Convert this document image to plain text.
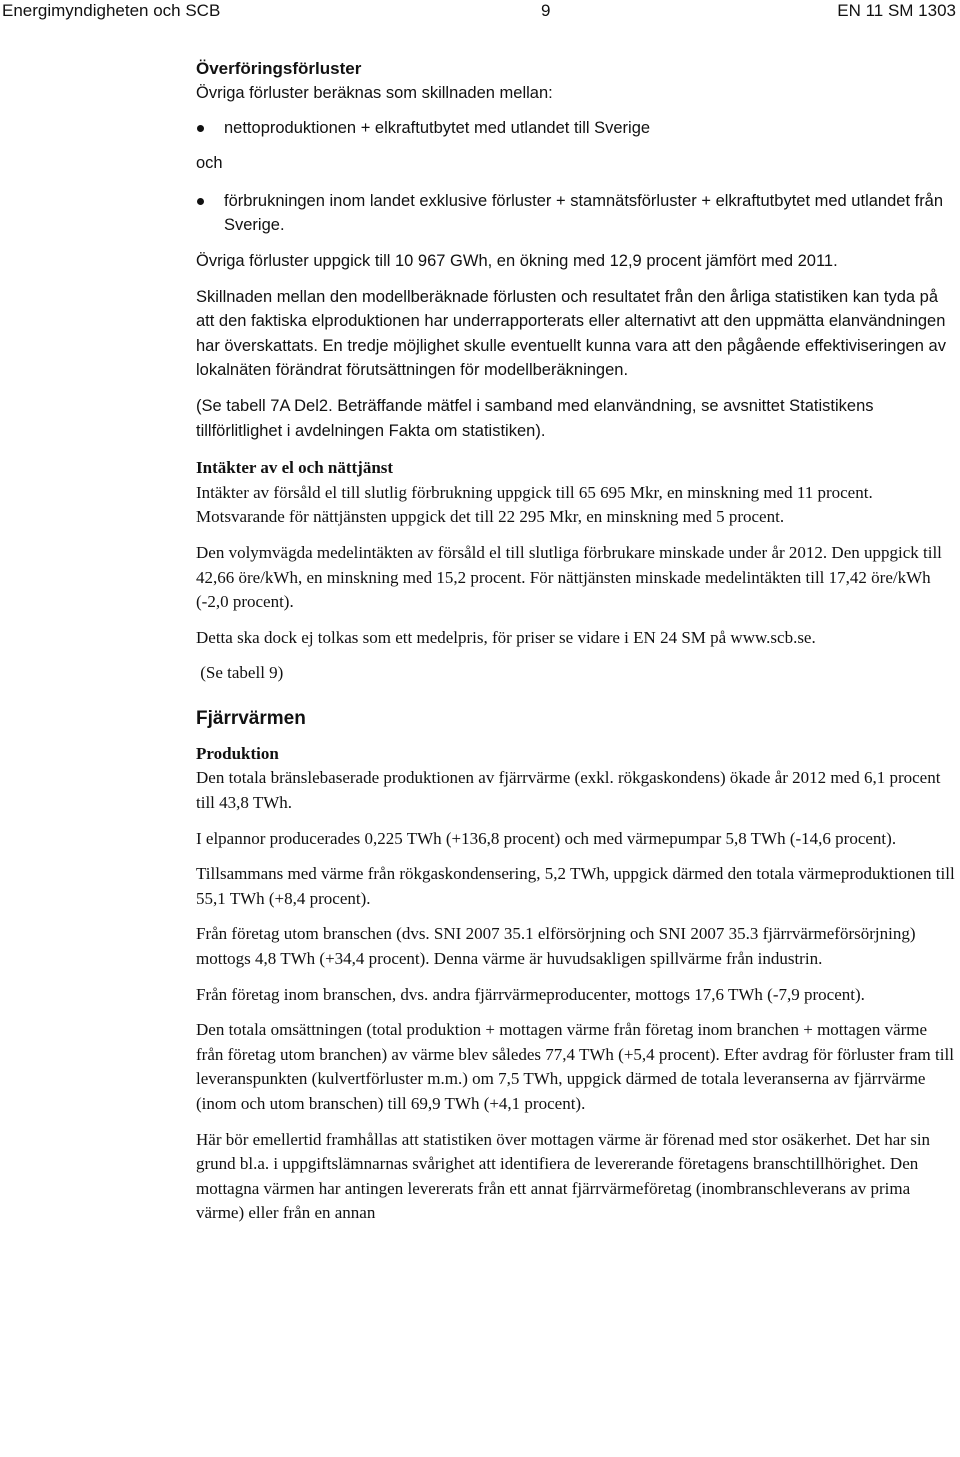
Energimyndigheten och SCB	9	EN 11 SM 1303
Överföringsförluster

Övriga förluster beräknas som skillnaden mellan:

nettoproduktionen + elkraftutbytet med utlandet till Sverige

och

förbrukningen inom landet exklusive förluster + stamnätsförluster + elkraftutbytet med utlandet från Sverige.

Övriga förluster uppgick till 10 967 GWh, en ökning med 12,9 procent jämfört med 2011.

Skillnaden mellan den modellberäknade förlusten och resultatet från den årliga statistiken kan tyda på att den faktiska elproduktionen har underrapporterats eller alternativt att den uppmätta elanvändningen har överskattats. En tredje möjlighet skulle eventuellt kunna vara att den pågående effektiviseringen av lokalnäten förändrat förutsättningen för modellberäkningen.

(Se tabell 7A Del2. Beträffande mätfel i samband med elanvändning, se avsnittet Statistikens tillförlitlighet i avdelningen Fakta om statistiken).

Intäkter av el och nättjänst

Intäkter av försåld el till slutlig förbrukning uppgick till 65 695 Mkr, en minskning med 11 procent. Motsvarande för nättjänsten uppgick det till 22 295 Mkr, en minskning med 5 procent.

Den volymvägda medelintäkten av försåld el till slutliga förbrukare minskade under år 2012. Den uppgick till 42,66 öre/kWh, en minskning med 15,2 procent. För nättjänsten minskade medelintäkten till 17,42 öre/kWh (-2,0 procent).

Detta ska dock ej tolkas som ett medelpris, för priser se vidare i EN 24 SM på www.scb.se.

(Se tabell 9)

Fjärrvärmen
Produktion

Den totala bränslebaserade produktionen av fjärrvärme (exkl. rökgaskondens) ökade år 2012 med 6,1 procent till 43,8 TWh.

I elpannor producerades 0,225 TWh (+136,8 procent) och med värmepumpar 5,8 TWh (-14,6 procent).

Tillsammans med värme från rökgaskondensering, 5,2 TWh, uppgick därmed den totala värmeproduktionen till 55,1 TWh (+8,4 procent).

Från företag utom branschen (dvs. SNI 2007 35.1 elförsörjning och SNI 2007 35.3 fjärrvärmeförsörjning) mottogs 4,8 TWh (+34,4 procent). Denna värme är huvudsakligen spillvärme från industrin.

Från företag inom branschen, dvs. andra fjärrvärmeproducenter, mottogs 17,6 TWh (-7,9 procent).

Den totala omsättningen (total produktion + mottagen värme från företag inom branchen + mottagen värme från företag utom branchen) av värme blev således 77,4 TWh (+5,4 procent). Efter avdrag för förluster fram till leveranspunkten (kulvertförluster m.m.) om 7,5 TWh, uppgick därmed de totala leveranserna av fjärrvärme (inom och utom branschen) till 69,9 TWh (+4,1 procent).

Här bör emellertid framhållas att statistiken över mottagen värme är förenad med stor osäkerhet. Det har sin grund bl.a. i uppgiftslämnarnas svårighet att identifiera de levererande företagens branschtillhörighet. Den mottagna värmen har antingen levererats från ett annat fjärrvärmeföretag (inombranschleverans av prima värme) eller från en annan
